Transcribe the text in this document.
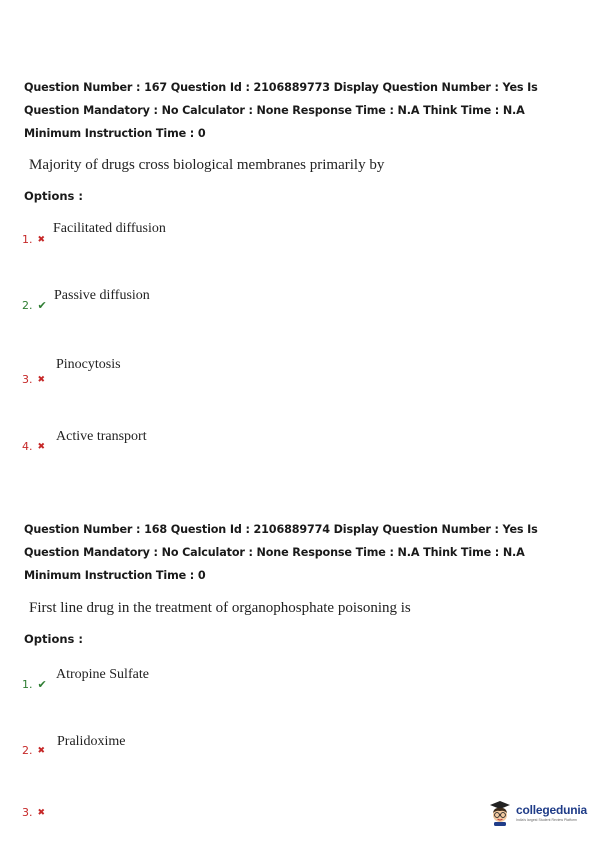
Question Number : 167 Question Id : 2106889773 Display Question Number : Yes Is Question Mandatory : No Calculator : None Response Time : N.A Think Time : N.A Minimum Instruction Time : 0
Majority of drugs cross biological membranes primarily by
Options :
1. ✖
Facilitated diffusion
2. ✔
Passive diffusion
3. ✖
Pinocytosis
4. ✖
Active transport
Question Number : 168 Question Id : 2106889774 Display Question Number : Yes Is Question Mandatory : No Calculator : None Response Time : N.A Think Time : N.A Minimum Instruction Time : 0
First line drug in the treatment of organophosphate poisoning is
Options :
1. ✔
Atropine Sulfate
2. ✖
Pralidoxime
3. ✖	collegedunia
India's largest Student Review Platform
